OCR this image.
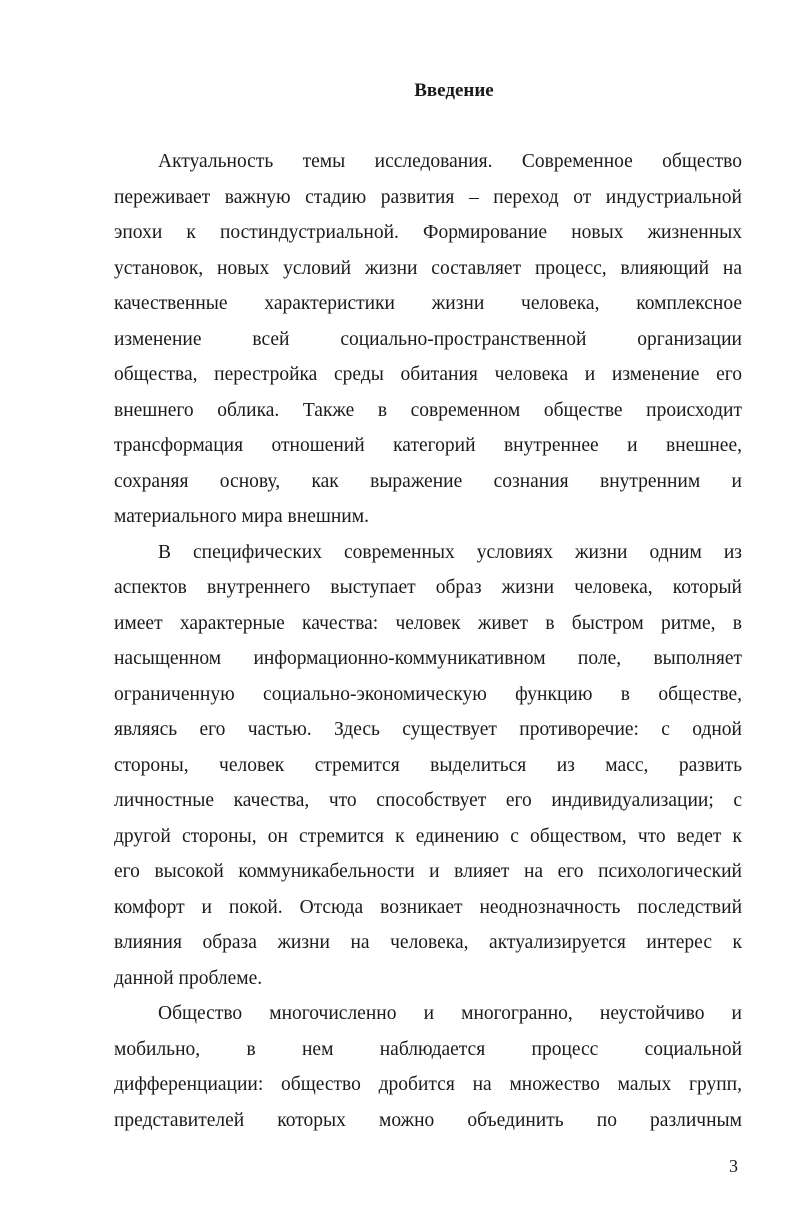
Введение
Актуальность темы исследования. Современное общество
переживает важную стадию развития – переход от индустриальной
эпохи к постиндустриальной. Формирование новых жизненных
установок, новых условий жизни составляет процесс, влияющий на
качественные характеристики жизни человека, комплексное
изменение всей социально-пространственной организации
общества, перестройка среды обитания человека и изменение его
внешнего облика. Также в современном обществе происходит
трансформация отношений категорий внутреннее и внешнее,
сохраняя основу, как выражение сознания внутренним и
материального мира внешним.
В специфических современных условиях жизни одним из
аспектов внутреннего выступает образ жизни человека, который
имеет характерные качества: человек живет в быстром ритме, в
насыщенном информационно-коммуникативном поле, выполняет
ограниченную социально-экономическую функцию в обществе,
являясь его частью. Здесь существует противоречие: с одной
стороны, человек стремится выделиться из масс, развить
личностные качества, что способствует его индивидуализации; с
другой стороны, он стремится к единению с обществом, что ведет к
его высокой коммуникабельности и влияет на его психологический
комфорт и покой. Отсюда возникает неоднозначность последствий
влияния образа жизни на человека, актуализируется интерес к
данной проблеме.
Общество многочисленно и многогранно, неустойчиво и
мобильно, в нем наблюдается процесс социальной
дифференциации: общество дробится на множество малых групп,
представителей которых можно объединить по различным
3
